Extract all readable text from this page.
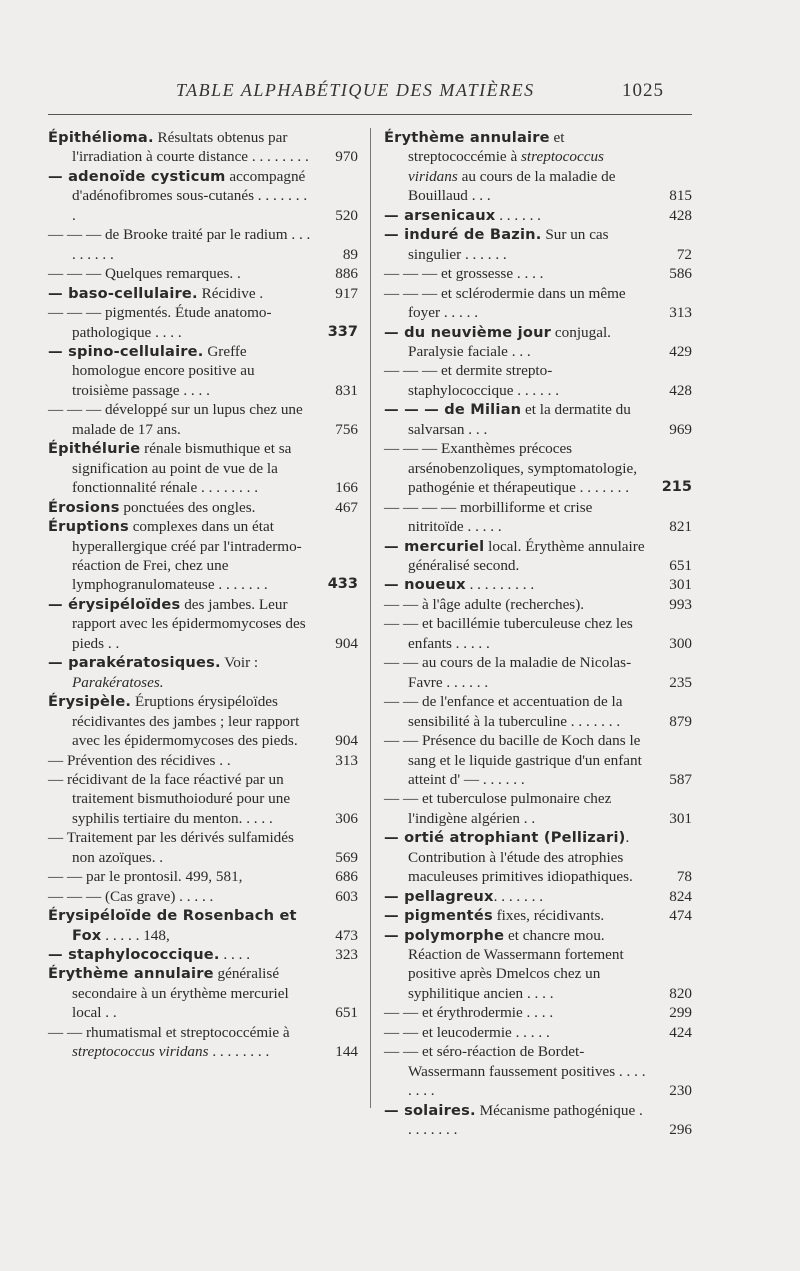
TABLE ALPHABÉTIQUE DES MATIÈRES	1025
Épithélioma. Résultats obtenus par l'irradiation à courte distance . . . . . . . . 970
— adenoïde cysticum accompagné d'adénofibromes sous-cutanés . . . . . . . .	520
— — — de Brooke traité par le radium . . . . . . . . .	89
— — — Quelques remarques. .	886
— baso-cellulaire. Récidive .	917
— — — pigmentés. Étude anatomo-pathologique . . . .	337
— spino-cellulaire. Greffe homologue encore positive au troisième passage . . . .	831
— — — développé sur un lupus chez une malade de 17 ans.	756
Épithélurie rénale bismuthique et sa signification au point de vue de la fonctionnalité rénale . . . . . . . .	166
Érosions ponctuées des ongles.	467
Éruptions complexes dans un état hyperallergique créé par l'intradermo-réaction de Frei, chez une lymphogranulomateuse . . . . . . .	433
— érysipéloïdes des jambes. Leur rapport avec les épidermomycoses des pieds . .	904
— parakératosiques. Voir : Parakératoses.
Érysipèle. Éruptions érysipéloïdes récidivantes des jambes ; leur rapport avec les épidermomycoses des pieds. 904
— Prévention des récidives . .	313
— récidivant de la face réactivé par un traitement bismuthoioduré pour une syphilis tertiaire du menton. . . . .	306
— Traitement par les dérivés sulfamidés non azoïques. .	569
— — par le prontosil. 499, 581,	686
— — — (Cas grave) . . . . .	603
Érysipéloïde de Rosenbach et Fox . . . . . 148,	473
— staphylococcique. . . . .	323
Érythème annulaire généralisé secondaire à un érythème mercuriel local . .	651
— — rhumatismal et streptococcémie à streptococcus viridans . . . . . . . .	144
Érythème annulaire et streptococcémie à streptococcus viridans au cours de la maladie de Bouillaud . . .	815
— arsenicaux . . . . . .	428
— induré de Bazin. Sur un cas singulier . . . . . .	72
— — — et grossesse . . . .	586
— — — et sclérodermie dans un même foyer . . . . .	313
— du neuvième jour conjugal. Paralysie faciale . . .	429
— — — et dermite strepto-staphylococcique . . . . . .	428
— — — de Milian et la dermatite du salvarsan . . .	969
— — — Exanthèmes précoces arsénobenzoliques, symptomatologie, pathogénie et thérapeutique . . . . . . . 215
— — — — morbilliforme et crise nitritoïde . . . . .	821
— mercuriel local. Érythème annulaire généralisé second.	651
— noueux . . . . . . . . .	301
— — à l'âge adulte (recherches).	993
— — et bacillémie tuberculeuse chez les enfants . . . . .	300
— — au cours de la maladie de Nicolas-Favre . . . . . .	235
— — de l'enfance et accentuation de la sensibilité à la tuberculine . . . . . . .	879
— — Présence du bacille de Koch dans le sang et le liquide gastrique d'un enfant atteint d' — . . . . . .	587
— — et tuberculose pulmonaire chez l'indigène algérien . .	301
— ortié atrophiant (Pellizari). Contribution à l'étude des atrophies maculeuses primitives idiopathiques.	78
— pellagreux. . . . . . .	824
— pigmentés fixes, récidivants.	474
— polymorphe et chancre mou. Réaction de Wassermann fortement positive après Dmelcos chez un syphilitique ancien . . . .	820
— — et érythrodermie . . . .	299
— — et leucodermie . . . . .	424
— — et séro-réaction de Bordet-Wassermann faussement positives . . . . . . . .	230
— solaires. Mécanisme pathogénique . . . . . . . .	296
